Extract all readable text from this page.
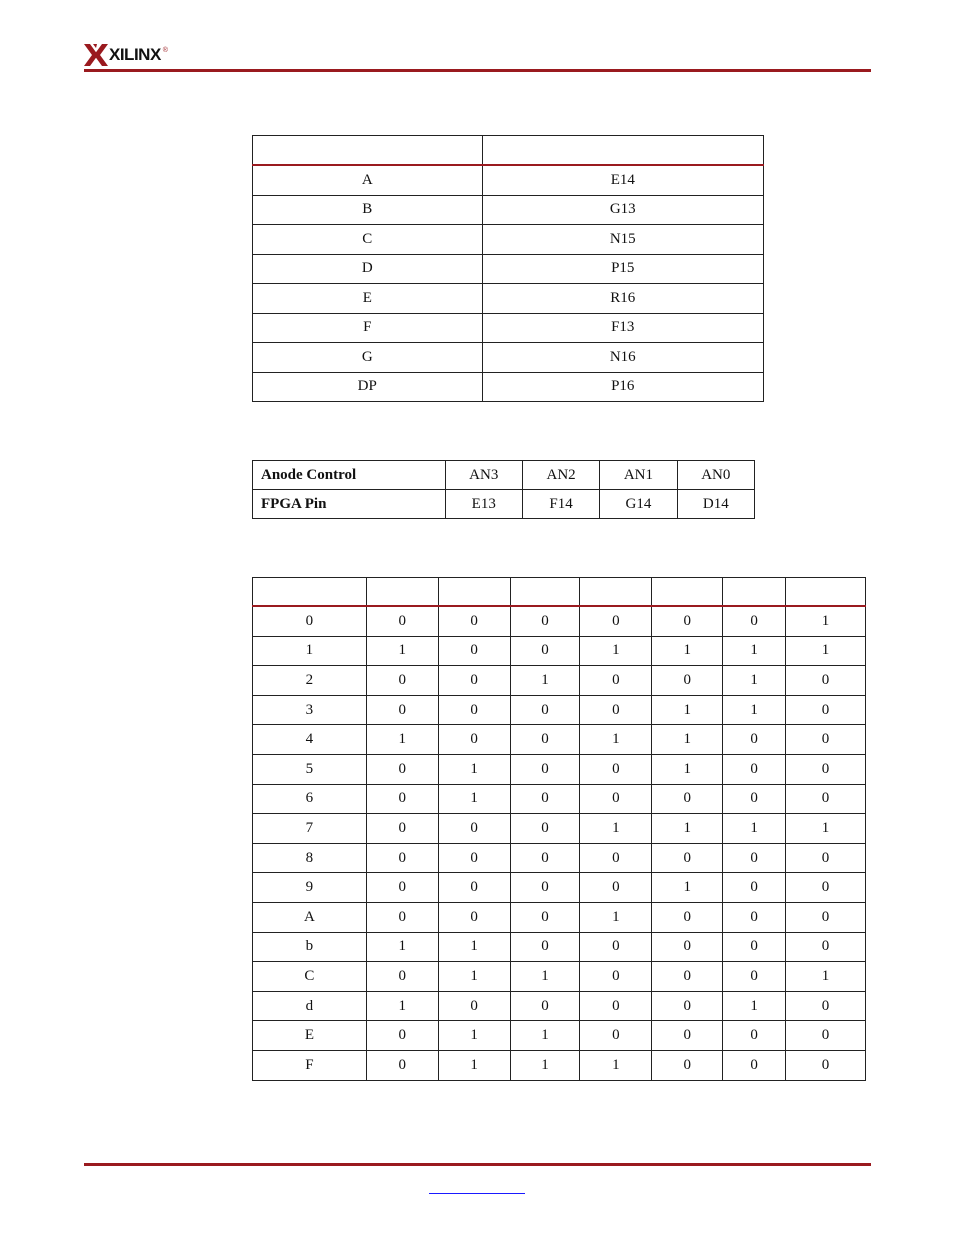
XILINX ®

A	E14
B	G13
C	N15
D	P15
E	R16
F	F13
G	N16
DP	P16
Anode Control	AN3	AN2	AN1	AN0
FPGA Pin	E13	F14	G14	D14

0	0	0	0	0	0	0	1
1	1	0	0	1	1	1	1
2	0	0	1	0	0	1	0
3	0	0	0	0	1	1	0
4	1	0	0	1	1	0	0
5	0	1	0	0	1	0	0
6	0	1	0	0	0	0	0
7	0	0	0	1	1	1	1
8	0	0	0	0	0	0	0
9	0	0	0	0	1	0	0
A	0	0	0	1	0	0	0
b	1	1	0	0	0	0	0
C	0	1	1	0	0	0	1
d	1	0	0	0	0	1	0
E	0	1	1	0	0	0	0
F	0	1	1	1	0	0	0
